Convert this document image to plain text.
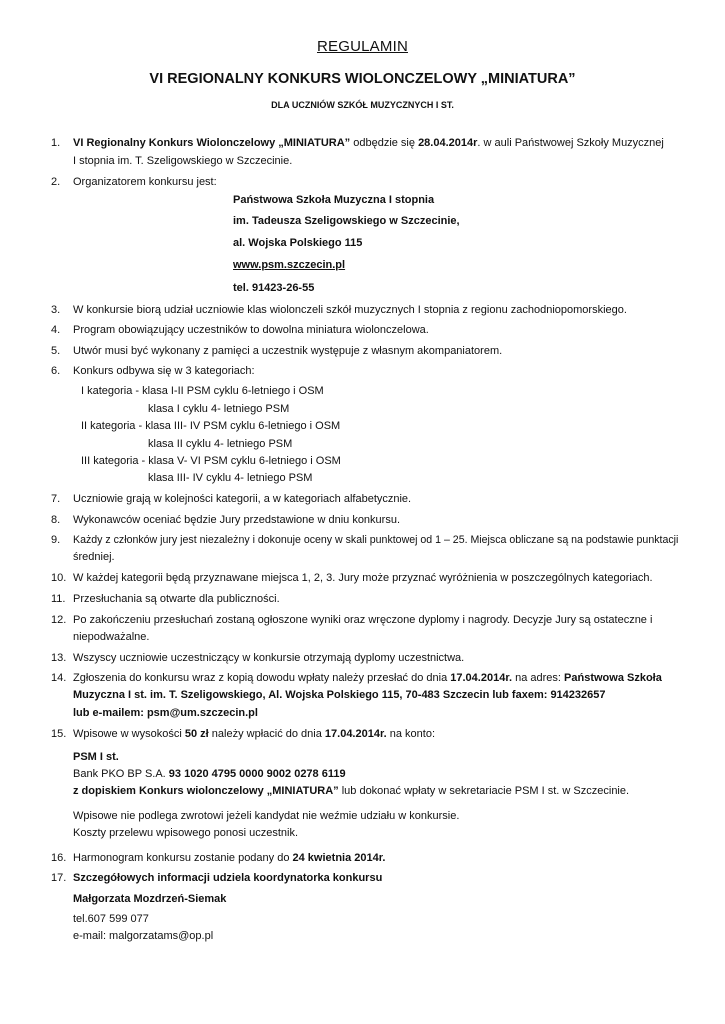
REGULAMIN
VI REGIONALNY KONKURS WIOLONCZELOWY „MINIATURA”
DLA UCZNIÓW SZKÓŁ MUZYCZNYCH I ST.
1. VI Regionalny Konkurs Wiolonczelowy „MINIATURA” odbędzie się 28.04.2014r. w auli Państwowej Szkoły Muzycznej
I stopnia im. T. Szeligowskiego w Szczecinie.
2. Organizatorem konkursu jest:
Państwowa Szkoła Muzyczna I stopnia
im. Tadeusza Szeligowskiego w Szczecinie,
al. Wojska Polskiego 115
www.psm.szczecin.pl
tel. 91423-26-55
3. W konkursie biorą udział uczniowie klas wiolonczeli szkół muzycznych I stopnia z regionu zachodniopomorskiego.
4. Program obowiązujący uczestników to dowolna miniatura wiolonczelowa.
5. Utwór musi być wykonany z pamięci a uczestnik występuje z własnym akompaniatorem.
6. Konkurs odbywa się w 3 kategoriach:
I kategoria - klasa I-II PSM cyklu 6-letniego i OSM
klasa I cyklu 4- letniego PSM
II kategoria - klasa III- IV PSM cyklu 6-letniego i OSM
klasa II cyklu 4- letniego PSM
III kategoria - klasa V- VI PSM cyklu 6-letniego i OSM
klasa III- IV cyklu 4- letniego PSM
7. Uczniowie grają w kolejności kategorii, a w kategoriach alfabetycznie.
8. Wykonawców oceniać będzie Jury przedstawione w dniu konkursu.
9. Każdy z członków jury jest niezależny i dokonuje oceny w skali punktowej od 1 – 25. Miejsca obliczane są na podstawie punktacji
średniej.
10. W każdej kategorii będą przyznawane miejsca 1, 2, 3. Jury może przyznać wyróżnienia w poszczególnych kategoriach.
11. Przesłuchania są otwarte dla publiczności.
12. Po zakończeniu przesłuchań zostaną ogłoszone wyniki oraz wręczone dyplomy i nagrody. Decyzje Jury są ostateczne i
niepodważalne.
13. Wszyscy uczniowie uczestniczący w konkursie otrzymają dyplomy uczestnictwa.
14. Zgłoszenia do konkursu wraz z kopią dowodu wpłaty należy przesłać do dnia 17.04.2014r. na adres: Państwowa Szkoła
Muzyczna I st. im. T. Szeligowskiego, Al. Wojska Polskiego 115, 70-483 Szczecin lub faxem: 914232657
lub e-mailem: psm@um.szczecin.pl
15. Wpisowe w wysokości 50 zł należy wpłacić do dnia 17.04.2014r. na konto:
PSM I st.
Bank PKO BP S.A. 93 1020 4795 0000 9002 0278 6119
z dopiskiem Konkurs wiolonczelowy „MINIATURA” lub dokonać wpłaty w sekretariacie PSM I st. w Szczecinie.
Wpisowe nie podlega zwrotowi jeżeli kandydat nie weźmie udziału w konkursie.
Koszty przelewu wpisowego ponosi uczestnik.
16. Harmonogram konkursu zostanie podany do 24 kwietnia 2014r.
17. Szczegółowych informacji udziela koordynatorka konkursu
Małgorzata Mozdrzeń-Siemak
tel.607 599 077
e-mail: malgorzatams@op.pl
